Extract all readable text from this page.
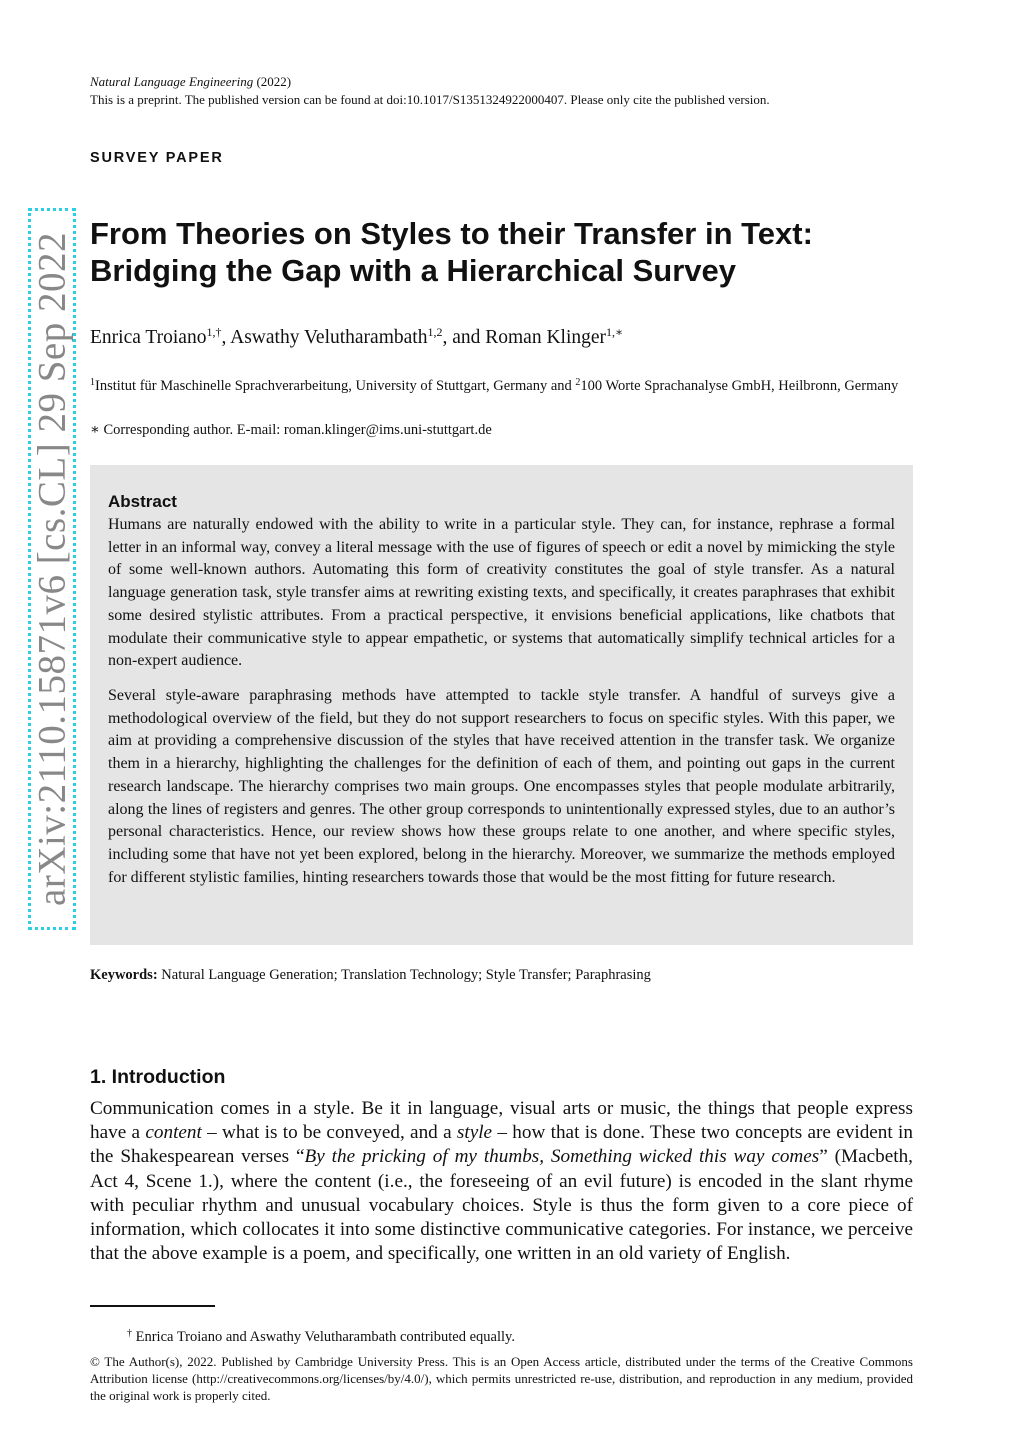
arXiv:2110.15871v6 [cs.CL] 29 Sep 2022
Natural Language Engineering (2022)
This is a preprint. The published version can be found at doi:10.1017/S1351324922000407. Please only cite the published version.
SURVEY PAPER
From Theories on Styles to their Transfer in Text:
Bridging the Gap with a Hierarchical Survey
Enrica Troiano$^{1,\dagger}$, Aswathy Velutharambath$^{1,2}$, and Roman Klinger$^{1,∗}$
$^1$Institut für Maschinelle Sprachverarbeitung, University of Stuttgart, Germany and $^2$100 Worte Sprachanalyse GmbH, Heilbronn, Germany
∗ Corresponding author. E-mail: roman.klinger@ims.uni-stuttgart.de
Abstract
Humans are naturally endowed with the ability to write in a particular style. They can, for instance, rephrase a formal letter in an informal way, convey a literal message with the use of figures of speech or edit a novel by mimicking the style of some well-known authors. Automating this form of creativity constitutes the goal of style transfer. As a natural language generation task, style transfer aims at rewriting existing texts, and specifically, it creates paraphrases that exhibit some desired stylistic attributes. From a practical perspective, it envisions beneficial applications, like chatbots that modulate their communicative style to appear empathetic, or systems that automatically simplify technical articles for a non-expert audience.
Several style-aware paraphrasing methods have attempted to tackle style transfer. A handful of surveys give a methodological overview of the field, but they do not support researchers to focus on specific styles. With this paper, we aim at providing a comprehensive discussion of the styles that have received attention in the transfer task. We organize them in a hierarchy, highlighting the challenges for the definition of each of them, and pointing out gaps in the current research landscape. The hierarchy comprises two main groups. One encompasses styles that people modulate arbitrarily, along the lines of registers and genres. The other group corresponds to unintentionally expressed styles, due to an author’s personal characteristics. Hence, our review shows how these groups relate to one another, and where specific styles, including some that have not yet been explored, belong in the hierarchy. Moreover, we summarize the methods employed for different stylistic families, hinting researchers towards those that would be the most fitting for future research.
Keywords: Natural Language Generation; Translation Technology; Style Transfer; Paraphrasing
1. Introduction
Communication comes in a style. Be it in language, visual arts or music, the things that people express have a content – what is to be conveyed, and a style – how that is done. These two concepts are evident in the Shakespearean verses “By the pricking of my thumbs, Something wicked this way comes” (Macbeth, Act 4, Scene 1.), where the content (i.e., the foreseeing of an evil future) is encoded in the slant rhyme with peculiar rhythm and unusual vocabulary choices. Style is thus the form given to a core piece of information, which collocates it into some distinctive communicative categories. For instance, we perceive that the above example is a poem, and specifically, one written in an old variety of English.
† Enrica Troiano and Aswathy Velutharambath contributed equally.
© The Author(s), 2022. Published by Cambridge University Press. This is an Open Access article, distributed under the terms of the Creative Commons Attribution license (http://creativecommons.org/licenses/by/4.0/), which permits unrestricted re-use, distribution, and reproduction in any medium, provided the original work is properly cited.
